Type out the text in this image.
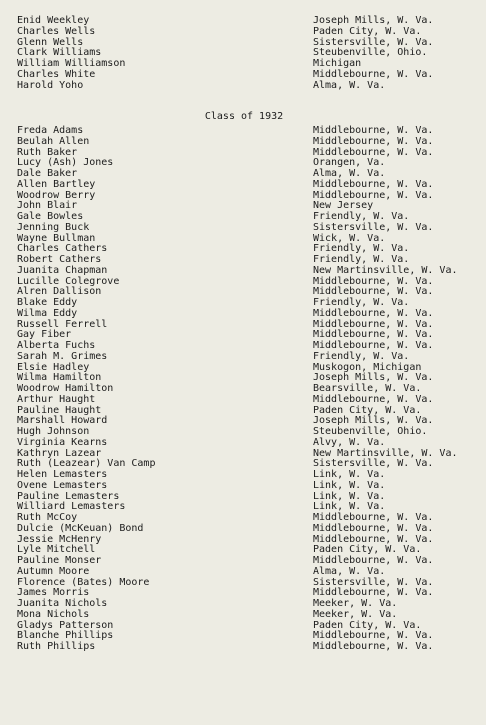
Enid Weekley	Joseph Mills, W. Va.
Charles Wells	Paden City, W. Va.
Glenn Wells	Sistersville, W. Va.
Clark Williams	Steubenville, Ohio.
William Williamson	Michigan
Charles White	Middlebourne, W. Va.
Harold Yoho	Alma, W. Va.
Class of 1932
Freda Adams	Middlebourne, W. Va.
Beulah Allen	Middlebourne, W. Va.
Ruth Baker	Middlebourne, W. Va.
Lucy (Ash) Jones	Orangen, Va.
Dale Baker	Alma, W. Va.
Allen Bartley	Middlebourne, W. Va.
Woodrow Berry	Middlebourne, W. Va.
John Blair	New Jersey
Gale Bowles	Friendly, W. Va.
Jenning Buck	Sistersville, W. Va.
Wayne Bullman	Wick, W. Va.
Charles Cathers	Friendly, W. Va.
Robert Cathers	Friendly, W. Va.
Juanita Chapman	New Martinsville, W. Va.
Lucille Colegrove	Middlebourne, W. Va.
Alren Dallison	Middlebourne, W. Va.
Blake Eddy	Friendly, W. Va.
Wilma Eddy	Middlebourne, W. Va.
Russell Ferrell	Middlebourne, W. Va.
Gay Fiber	Middlebourne, W. Va.
Alberta Fuchs	Middlebourne, W. Va.
Sarah M. Grimes	Friendly, W. Va.
Elsie Hadley	Muskogon, Michigan
Wilma Hamilton	Joseph Mills, W. Va.
Woodrow Hamilton	Bearsville, W. Va.
Arthur Haught	Middlebourne, W. Va.
Pauline Haught	Paden City, W. Va.
Marshall Howard	Joseph Mills, W. Va.
Hugh Johnson	Steubenville, Ohio.
Virginia Kearns	Alvy, W. Va.
Kathryn Lazear	New Martinsville, W. Va.
Ruth (Leazear) Van Camp	Sistersville, W. Va.
Helen Lemasters	Link, W. Va.
Ovene Lemasters	Link, W. Va.
Pauline Lemasters	Link, W. Va.
Williard Lemasters	Link, W. Va.
Ruth McCoy	Middlebourne, W. Va.
Dulcie (McKeuan) Bond	Middlebourne, W. Va.
Jessie McHenry	Middlebourne, W. Va.
Lyle Mitchell	Paden City, W. Va.
Pauline Monser	Middlebourne, W. Va.
Autumn Moore	Alma, W. Va.
Florence (Bates) Moore	Sistersville, W. Va.
James Morris	Middlebourne, W. Va.
Juanita Nichols	Meeker, W. Va.
Mona Nichols	Meeker, W. Va.
Gladys Patterson	Paden City, W. Va.
Blanche Phillips	Middlebourne, W. Va.
Ruth Phillips	Middlebourne, W. Va.
